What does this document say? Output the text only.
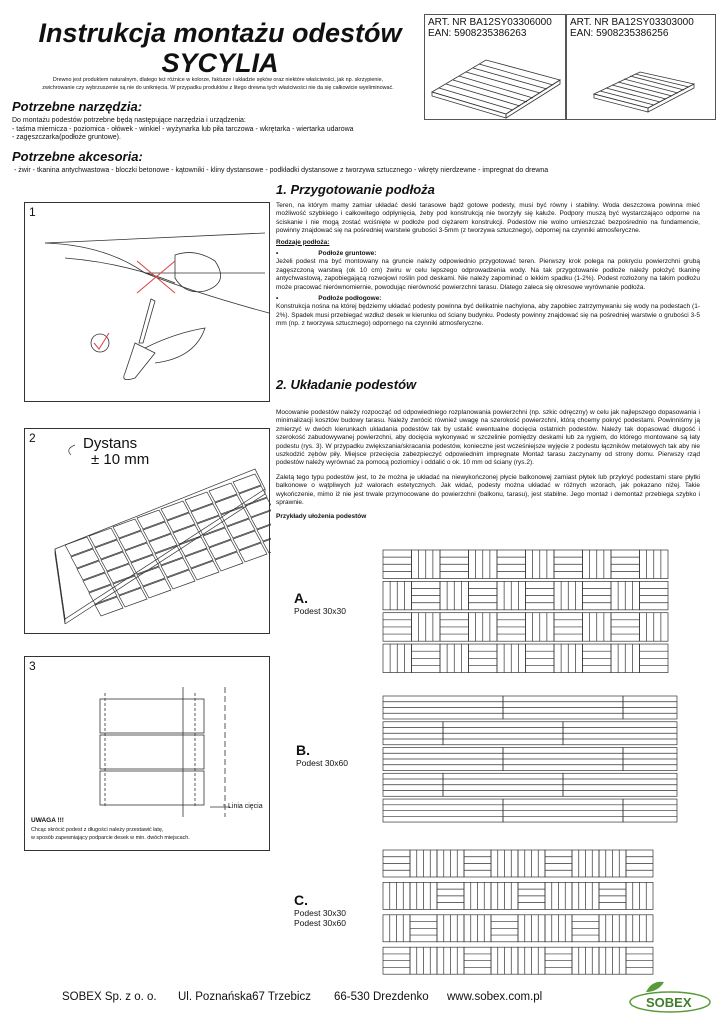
Instrukcja montażu odestów
SYCYLIA
ART. NR BA12SY03306000
EAN: 5908235386263
ART. NR BA12SY03303000
EAN: 5908235386256
Drewno jest produktem naturalnym, dlatego też różnice w kolorze, fakturze i układzie sęków oraz niektóre właściwości, jak np. skrzypienie,
zwichrowanie czy wybrzuszenie są nie do uniknięcia. W przypadku produktów z litego drewna tych właściwości nie da się całkowicie wyeliminować.
Potrzebne narzędzia:
Do montażu podestów potrzebne będą następujące narzędzia i urządzenia:
- taśma miernicza - poziomica - ołówek - winkiel - wyżynarka lub piła tarczowa - wkrętarka - wiertarka udarowa
- zagęszczarka(podłoże gruntowe).
Potrzebne akcesoria:
- żwir - tkanina antychwastowa - bloczki betonowe - kątowniki - kliny dystansowe - podkładki dystansowe z tworzywa sztucznego - wkręty nierdzewne - impregnat do drewna
1. Przygotowanie podłoża
Teren, na którym mamy zamiar układać deski tarasowe bądź gotowe podesty, musi być równy i stabilny. Woda deszczowa powinna mieć możliwość szybkiego i całkowitego odpłynięcia, żeby pod konstrukcją nie tworzyły się kałuże. Podpory muszą być wystarczająco odporne na ściskanie i nie mogą zostać wciśnięte w podłoże pod ciężarem konstrukcji. Podestów nie wolno umieszczać bezpośrednio na fundamencie, powinny znajdować się na pośredniej warstwie grubości 3-5mm (z tworzywa sztucznego), odpornej na czynniki atmosferyczne.
Rodzaje podłoża:
•	Podłoże gruntowe:
Jeżeli podest ma być montowany na gruncie należy odpowiednio przygotować teren. Pierwszy krok polega na pokryciu powierzchni grubą zagęszczoną warstwą (ok 10 cm) żwiru w celu lepszego odprowadzenia wody. Na tak przygotowanie podłoże należy położyć tkaninę antychwastową, zapobiegającą rozwojowi roślin pod deskami. Nie należy zapominać o lekkim spadku (1-2%). Podest rozłożony na takim podłożu może pracować nierównomiernie, powodując nierówność powierzchni tarasu. Dlatego zaleca się okresowe wyrównanie podłoża.
•	Podłoże podłogowe:
Konstrukcja nośna na której będziemy układać podesty powinna być delikatnie nachylona, aby zapobiec zatrzymywaniu się wody na podestach (1-2%). Spadek musi przebiegać wzdłuż desek w kierunku od ściany budynku. Podesty powinny znajdować się na pośredniej warstwie o grubości 3-5 mm (np. z tworzywa sztucznego) odpornego na czynniki atmosferyczne.
1
2. Układanie podestów
Mocowanie podestów należy rozpocząć od odpowiedniego rozplanowania powierzchni (np. szkic odręczny) w celu jak najlepszego dopasowania i minimalizacji kosztów budowy tarasu. Należy zwrócić również uwagę na szerokość powierzchni, którą chcemy pokryć podestami. Powinniśmy ją zmierzyć w dwóch kierunkach układania podestów tak by ustalić ewentualne docięcia ostatnich podestów. Należy tak dopasować długość i szerokość zabudowywanej powierzchni, aby docięcia wykonywać w szczelinie pomiędzy deskami lub za rygiem, do którego montowane są łaty podestu (rys. 3). W przypadku zwiększania/skracania podestów, konieczne jest wcześniejsze wyjęcie z podestu łączników metalowych tak aby nie uszkodzić zębów piły. Miejsce przecięcia zabezpieczyć odpowiednim impregnate Montaż tarasu zaczynamy od strony domu. Pierwszy rząd podestów należy wyrównać za pomocą poziomicy i oddalić o ok. 10 mm od ściany (rys.2).
Zaletą tego typu podestów jest, to że można je układać na niewykończonej płycie balkonowej zamiast płytek lub przykryć podestami stare płytki balkonowe o wątpliwych już walorach estetycznych. Jak widać, podesty można układać w różnych wzorach, jak pokazano niżej. Takie wykończenie, mimo iż nie jest trwale przymocowane do powierzchni (balkonu, tarasu), jest stabilne. Jego montaż i demontaż przebiega szybko i sprawnie.
Przykłady ułożenia podestów
2	Dystans
± 10 mm
3
Linia cięcia
UWAGA !!!
Chcąc skrócić podest z długości należy przestawić łatę,
w sposób zapewniający podparcie desek w min. dwóch miejscach.
A.
Podest 30x30
B.
Podest 30x60
C.
Podest 30x30
Podest 30x60
SOBEX Sp. z o. o. Ul. Poznańska67 Trzebicz 66-530 Drezdenko www.sobex.com.pl	SOBEX
